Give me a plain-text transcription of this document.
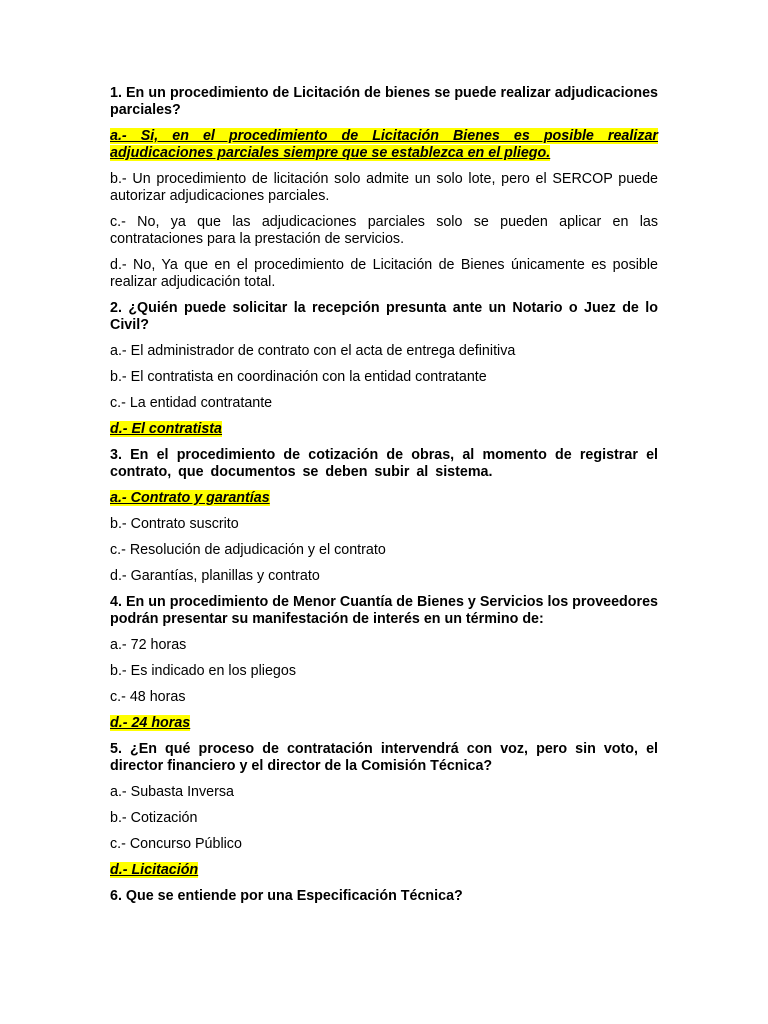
1. En un procedimiento de Licitación de bienes se puede realizar adjudicaciones parciales?

a.- Si, en el procedimiento de Licitación Bienes es posible realizar adjudicaciones parciales siempre que se establezca en el pliego.

b.- Un procedimiento de licitación solo admite un solo lote, pero el SERCOP puede autorizar adjudicaciones parciales.

c.- No, ya que las adjudicaciones parciales solo se pueden aplicar en las contrataciones para la prestación de servicios.

d.- No, Ya que en el procedimiento de Licitación de Bienes únicamente es posible realizar adjudicación total.

2. ¿Quién puede solicitar la recepción presunta ante un Notario o Juez de lo Civil?

a.- El administrador de contrato con el acta de entrega definitiva

b.- El contratista en coordinación con la entidad contratante

c.- La entidad contratante

d.- El contratista

3. En el procedimiento de cotización de obras, al momento de registrar el contrato, que documentos se deben subir al sistema.

a.- Contrato y garantías

b.- Contrato suscrito

c.- Resolución de adjudicación y el contrato

d.- Garantías, planillas y contrato

4. En un procedimiento de Menor Cuantía de Bienes y Servicios los proveedores podrán presentar su manifestación de interés en un término de:

a.- 72 horas

b.- Es indicado en los pliegos

c.- 48 horas

d.- 24 horas

5. ¿En qué proceso de contratación intervendrá con voz, pero sin voto, el director financiero y el director de la Comisión Técnica?

a.- Subasta Inversa

b.- Cotización

c.- Concurso Público

d.- Licitación

6. Que se entiende por una Especificación Técnica?
